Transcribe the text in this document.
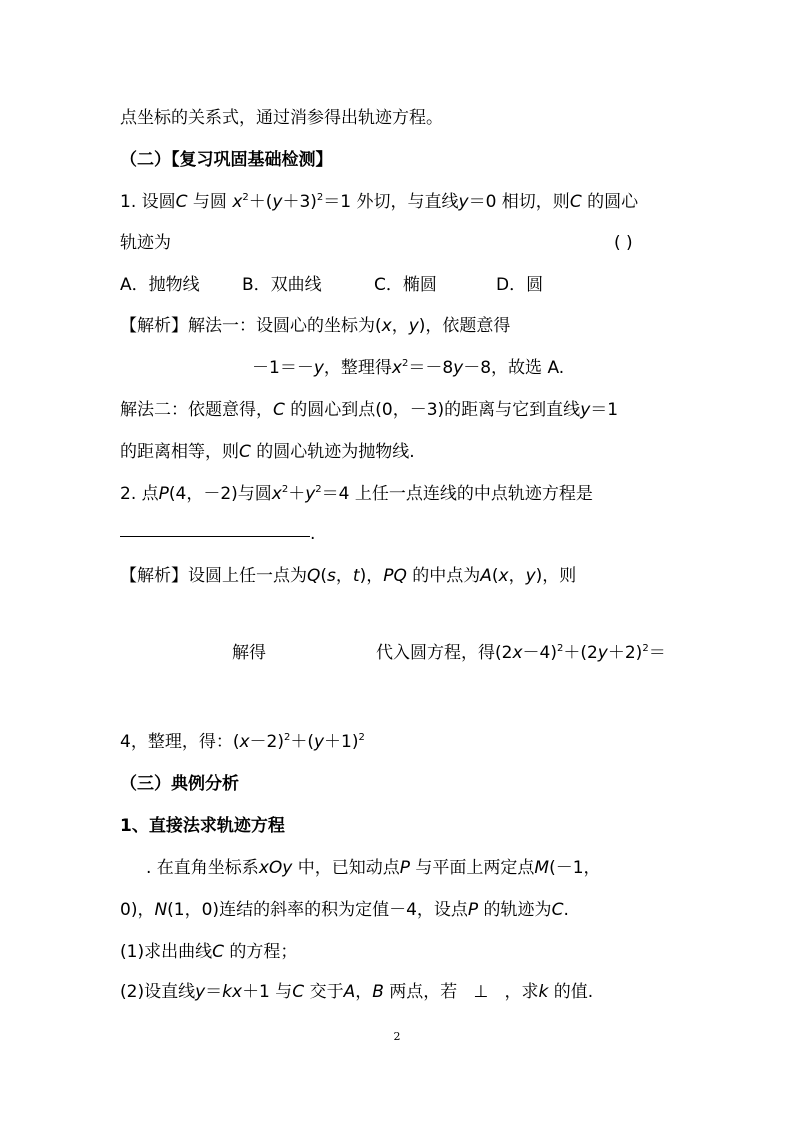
点坐标的关系式，通过消参得出轨迹方程。
（二）【复习巩固基础检测】
1. 设圆C 与圆 $x^2+(y+3)^2=1$ 外切，与直线y＝0 相切，则C 的圆心
轨迹为	( )
A．抛物线 B．双曲线	C．椭圆	D．圆
【解析】解法一：设圆心的坐标为(x，y)，依题意得
－1＝－y，整理得$x^2=-8y-8$，故选 A.
解法二：依题意得，C 的圆心到点(0，－3)的距离与它到直线y＝1
的距离相等，则C 的圆心轨迹为抛物线.
2. 点P(4，－2)与圆$x^2+y^2=4$ 上任一点连线的中点轨迹方程是
.
【解析】设圆上任一点为Q(s，t)，PQ 的中点为A(x，y)，则
解得	代入圆方程，得$(2x-4)^2+(2y+2)^2=$
4，整理，得：$(x-2)^2+(y+1)^2$
（三）典例分析
1、直接法求轨迹方程
. 在直角坐标系xOy 中，已知动点P 与平面上两定点M(－1，
0)，N(1，0)连结的斜率的积为定值－4，设点P 的轨迹为C.
(1)求出曲线C 的方程；
(2)设直线y＝kx＋1 与C 交于A，B 两点，若 ⊥ ，求k 的值.
2
